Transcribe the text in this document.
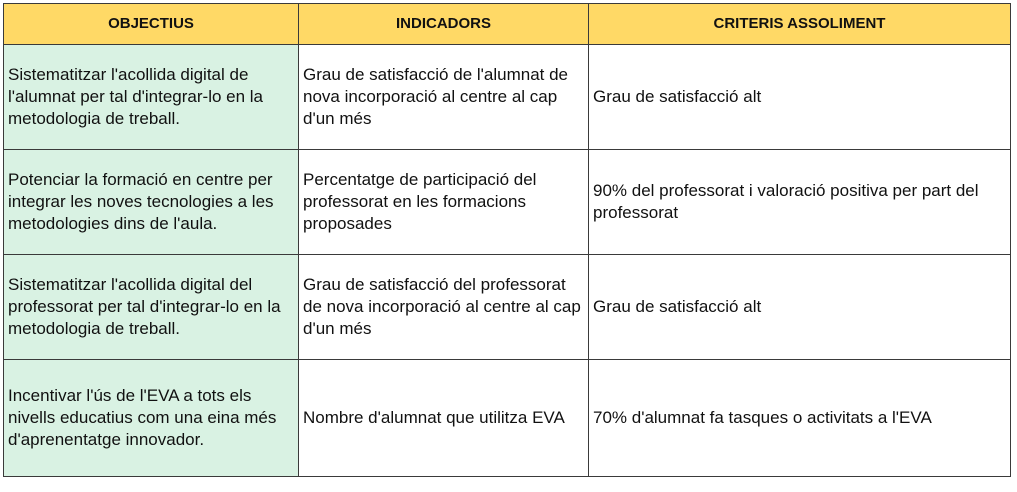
OBJECTIUS	INDICADORS	CRITERIS ASSOLIMENT
Sistematitzar l'acollida digital de l'alumnat per tal d'integrar-lo en la metodologia de treball.	Grau de satisfacció de l'alumnat de nova incorporació al centre al cap d'un més	Grau de satisfacció alt
Potenciar la formació en centre per integrar les noves tecnologies a les metodologies dins de l'aula.	Percentatge de participació del professorat en les formacions proposades	90% del professorat i valoració positiva per part del professorat
Sistematitzar l'acollida digital del professorat per tal d'integrar-lo en la metodologia de treball.	Grau de satisfacció del professorat de nova incorporació al centre al cap d'un més	Grau de satisfacció alt
Incentivar l'ús de l'EVA a tots els nivells educatius com una eina més d'aprenentatge innovador.	Nombre d'alumnat que utilitza EVA	70% d'alumnat fa tasques o activitats a l'EVA
